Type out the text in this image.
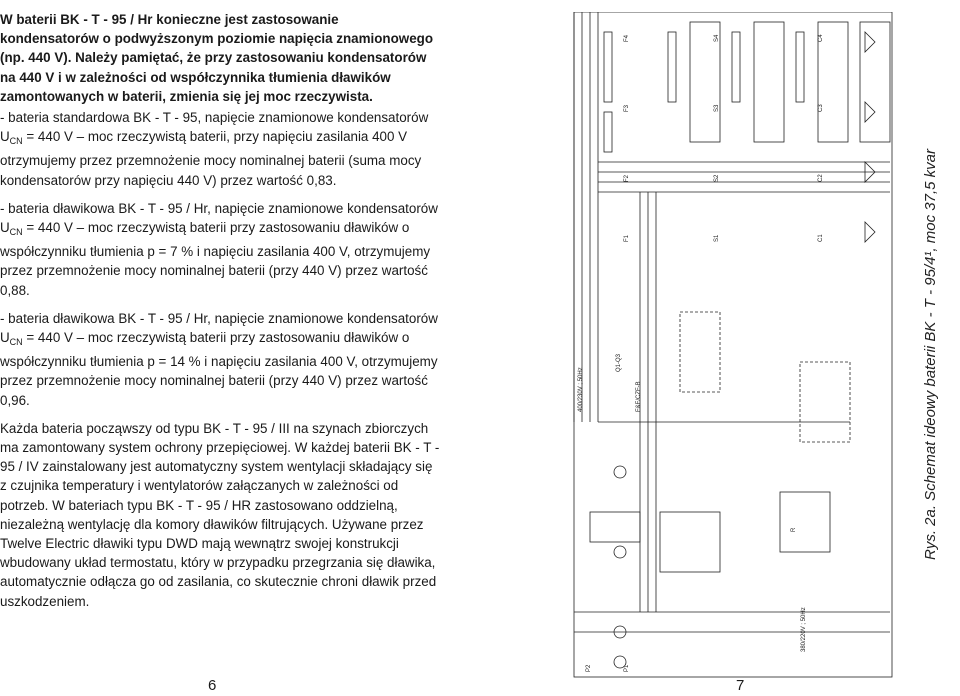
W baterii BK - T - 95 / Hr konieczne jest zastosowanie kondensatorów o podwyższonym poziomie napięcia znamionowego (np. 440 V). Należy pamiętać, że przy zastosowaniu kondensatorów na 440 V i w zależności od współczynnika tłumienia dławików zamontowanych w baterii, zmienia się jej moc rzeczywista.

- bateria standardowa BK - T - 95, napięcie znamionowe kondensatorów $U_{CN} = 440$ V – moc rzeczywistą baterii, przy napięciu zasilania 400 V otrzymujemy przez przemnożenie mocy nominalnej baterii (suma mocy kondensatorów przy napięciu 440 V) przez wartość 0,83.

- bateria dławikowa BK - T - 95 / Hr, napięcie znamionowe kondensatorów $U_{CN} = 440$ V – moc rzeczywistą baterii przy zastosowaniu dławików o współczynniku tłumienia p = 7 % i napięciu zasilania 400 V, otrzymujemy przez przemnożenie mocy nominalnej baterii (przy 440 V) przez wartość 0,88.

- bateria dławikowa BK - T - 95 / Hr, napięcie znamionowe kondensatorów $U_{CN} = 440$ V – moc rzeczywistą baterii przy zastosowaniu dławików o współczynniku tłumienia p = 14 % i napięciu zasilania 400 V, otrzymujemy przez przemnożenie mocy nominalnej baterii (przy 440 V) przez wartość 0,96.

Każda bateria począwszy od typu BK - T - 95 / III na szynach zbiorczych ma zamontowany system ochrony przepięciowej. W każdej baterii BK - T - 95 / IV zainstalowany jest automatyczny system wentylacji składający się z czujnika temperatury i wentylatorów załączanych w zależności od potrzeb. W bateriach typu BK - T - 95 / HR zastosowano oddzielną, niezależną wentylację dla komory dławików filtrujących. Używane przez Twelve Electric dławiki typu DWD mają wewnątrz swojej konstrukcji wbudowany układ termostatu, który w przypadku przegrzania się dławika, automatycznie odłącza go od zasilania, co skutecznie chroni dławik przed uszkodzeniem.

F4
F3
F2
F1
S4
S3
S2
S1
C4
C3
C2
C1
400/230V ; 50Hz
Q1-Q3
F&F/CZF-B
R
380/220V ; 50Hz
P2	P1
Rys. 2a. Schemat ideowy baterii BK - T - 95/4¹, moc 37,5 kvar
6	7
